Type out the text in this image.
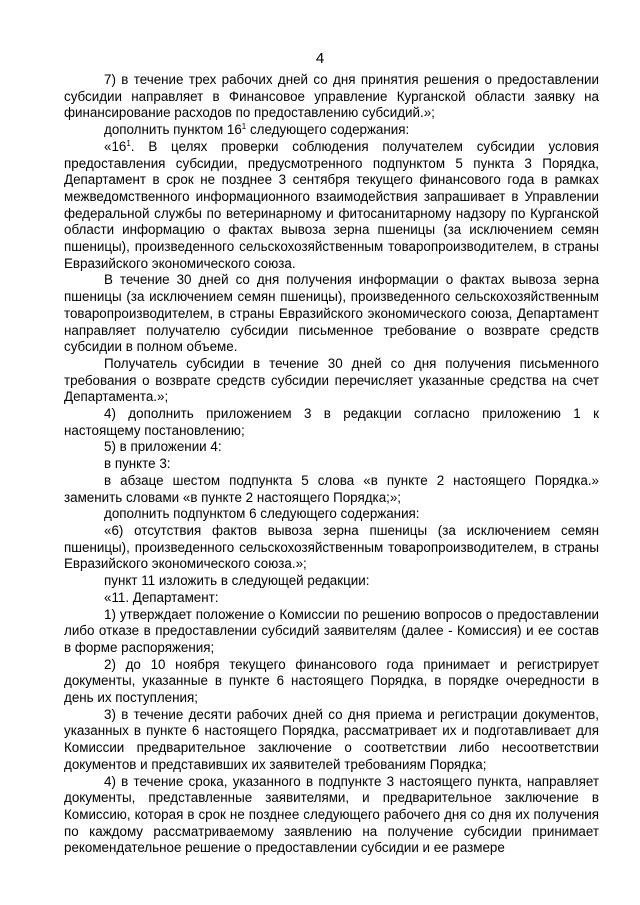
4

7) в течение трех рабочих дней со дня принятия решения о предоставлении субсидии направляет в Финансовое управление Курганской области заявку на финансирование расходов по предоставлению субсидий.»;

дополнить пунктом $16^1$ следующего содержания:

«$16^1$. В целях проверки соблюдения получателем субсидии условия предоставления субсидии, предусмотренного подпунктом 5 пункта 3 Порядка, Департамент в срок не позднее 3 сентября текущего финансового года в рамках межведомственного информационного взаимодействия запрашивает в Управлении федеральной службы по ветеринарному и фитосанитарному надзору по Курганской области информацию о фактах вывоза зерна пшеницы (за исключением семян пшеницы), произведенного сельскохозяйственным товаропроизводителем, в страны Евразийского экономического союза.

В течение 30 дней со дня получения информации о фактах вывоза зерна пшеницы (за исключением семян пшеницы), произведенного сельскохозяйственным товаропроизводителем, в страны Евразийского экономического союза, Департамент направляет получателю субсидии письменное требование о возврате средств субсидии в полном объеме.

Получатель субсидии в течение 30 дней со дня получения письменного требования о возврате средств субсидии перечисляет указанные средства на счет Департамента.»;

4) дополнить приложением 3 в редакции согласно приложению 1 к настоящему постановлению;

5) в приложении 4:

в пункте 3:

в абзаце шестом подпункта 5 слова «в пункте 2 настоящего Порядка.» заменить словами «в пункте 2 настоящего Порядка;»;

дополнить подпунктом 6 следующего содержания:

«6) отсутствия фактов вывоза зерна пшеницы (за исключением семян пшеницы), произведенного сельскохозяйственным товаропроизводителем, в страны Евразийского экономического союза.»;

пункт 11 изложить в следующей редакции:

«11. Департамент:

1) утверждает положение о Комиссии по решению вопросов о предоставлении либо отказе в предоставлении субсидий заявителям (далее - Комиссия) и ее состав в форме распоряжения;

2) до 10 ноября текущего финансового года принимает и регистрирует документы, указанные в пункте 6 настоящего Порядка, в порядке очередности в день их поступления;

3) в течение десяти рабочих дней со дня приема и регистрации документов, указанных в пункте 6 настоящего Порядка, рассматривает их и подготавливает для Комиссии предварительное заключение о соответствии либо несоответствии документов и представивших их заявителей требованиям Порядка;

4) в течение срока, указанного в подпункте 3 настоящего пункта, направляет документы, представленные заявителями, и предварительное заключение в Комиссию, которая в срок не позднее следующего рабочего дня со дня их получения по каждому рассматриваемому заявлению на получение субсидии принимает рекомендательное решение о предоставлении субсидии и ее размере
